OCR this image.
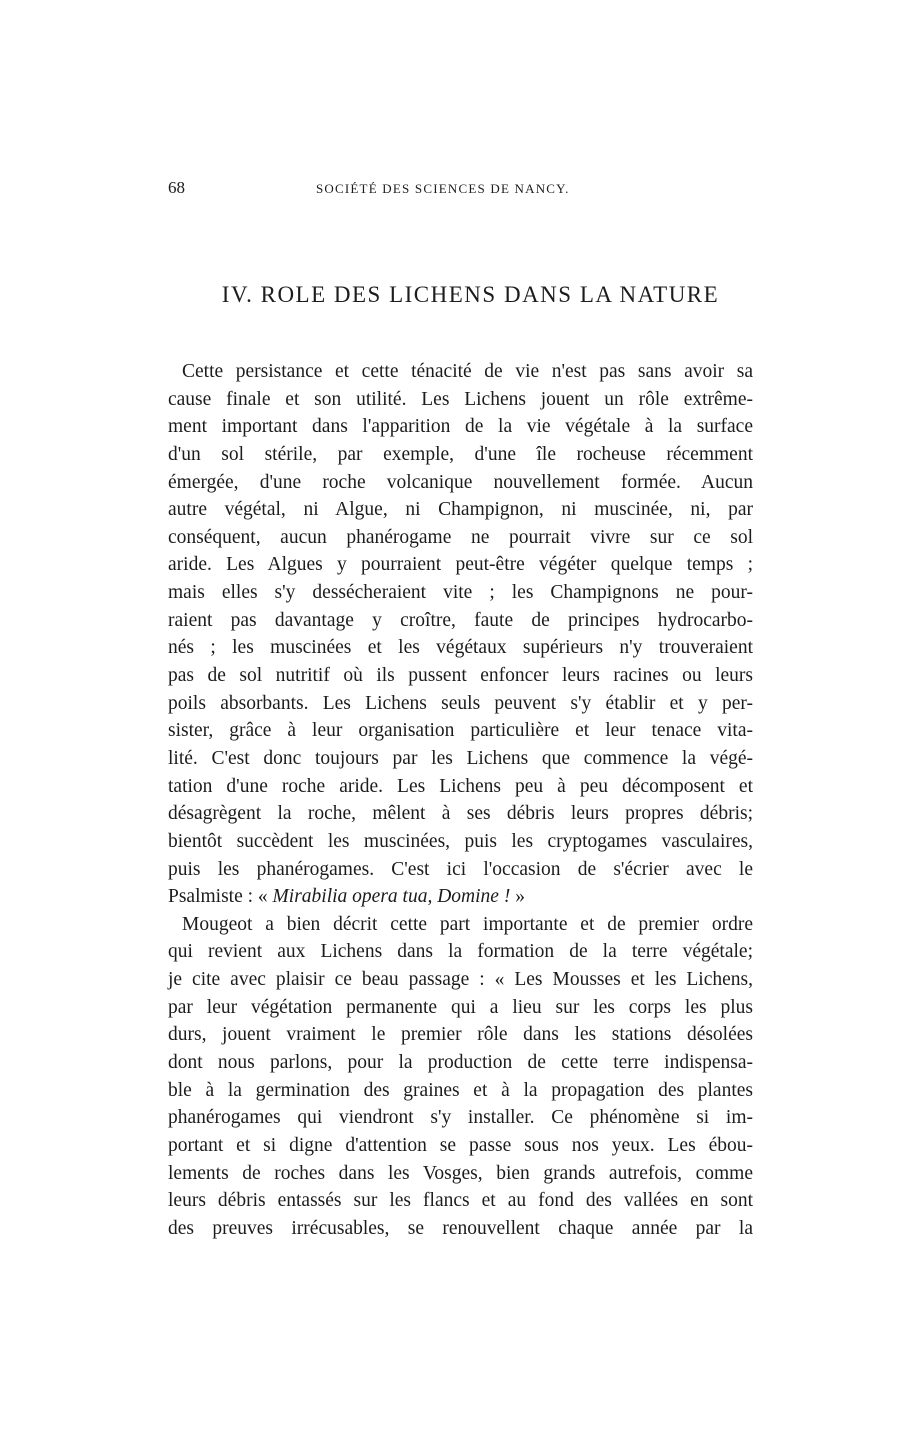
68	SOCIÉTÉ DES SCIENCES DE NANCY.
IV. ROLE DES LICHENS DANS LA NATURE
Cette persistance et cette ténacité de vie n'est pas sans avoir sa
cause finale et son utilité. Les Lichens jouent un rôle extrême-
ment important dans l'apparition de la vie végétale à la surface
d'un sol stérile, par exemple, d'une île rocheuse récemment
émergée, d'une roche volcanique nouvellement formée. Aucun
autre végétal, ni Algue, ni Champignon, ni muscinée, ni, par
conséquent, aucun phanérogame ne pourrait vivre sur ce sol
aride. Les Algues y pourraient peut-être végéter quelque temps ;
mais elles s'y dessécheraient vite ; les Champignons ne pour-
raient pas davantage y croître, faute de principes hydrocarbo-
nés ; les muscinées et les végétaux supérieurs n'y trouveraient
pas de sol nutritif où ils pussent enfoncer leurs racines ou leurs
poils absorbants. Les Lichens seuls peuvent s'y établir et y per-
sister, grâce à leur organisation particulière et leur tenace vita-
lité. C'est donc toujours par les Lichens que commence la végé-
tation d'une roche aride. Les Lichens peu à peu décomposent et
désagrègent la roche, mêlent à ses débris leurs propres débris;
bientôt succèdent les muscinées, puis les cryptogames vasculaires,
puis les phanérogames. C'est ici l'occasion de s'écrier avec le
Psalmiste : « Mirabilia opera tua, Domine ! »
Mougeot a bien décrit cette part importante et de premier ordre
qui revient aux Lichens dans la formation de la terre végétale;
je cite avec plaisir ce beau passage : « Les Mousses et les Lichens,
par leur végétation permanente qui a lieu sur les corps les plus
durs, jouent vraiment le premier rôle dans les stations désolées
dont nous parlons, pour la production de cette terre indispensa-
ble à la germination des graines et à la propagation des plantes
phanérogames qui viendront s'y installer. Ce phénomène si im-
portant et si digne d'attention se passe sous nos yeux. Les ébou-
lements de roches dans les Vosges, bien grands autrefois, comme
leurs débris entassés sur les flancs et au fond des vallées en sont
des preuves irrécusables, se renouvellent chaque année par la
